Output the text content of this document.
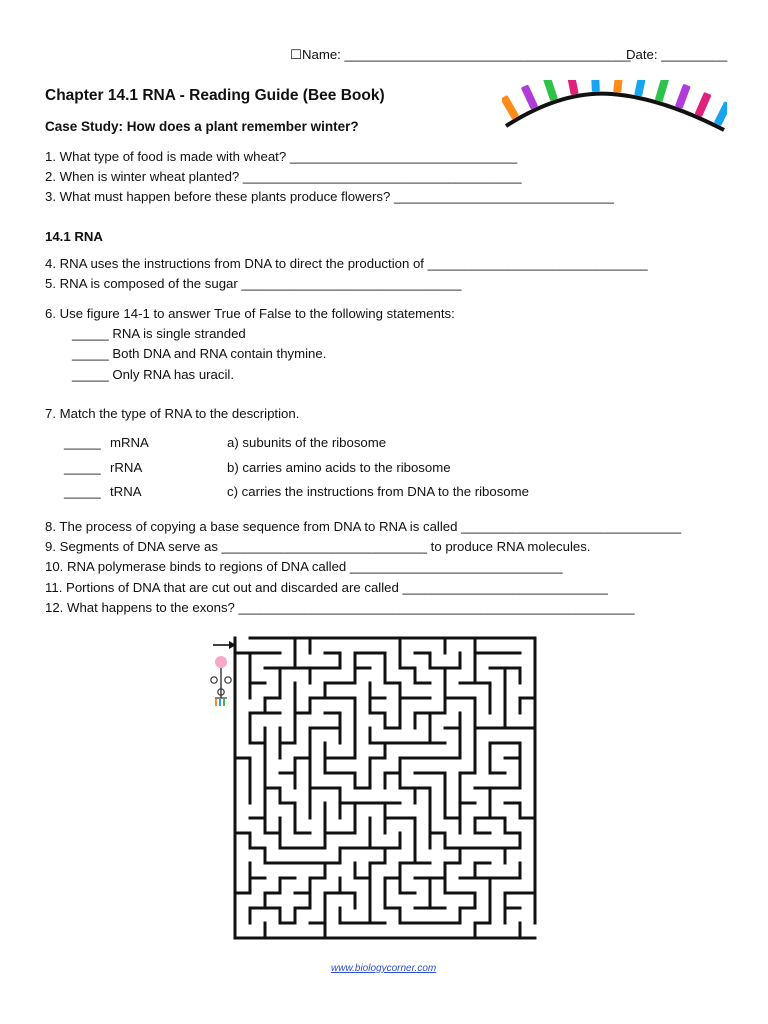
☐ Name: _______________________________________
Date: _________
Chapter 14.1 RNA - Reading Guide (Bee Book)
Case Study: How does a plant remember winter?
1. What type of food is made with wheat? _______________________________
2. When is winter wheat planted? ______________________________________
3. What must happen before these plants produce flowers? ______________________________
14.1 RNA
4. RNA uses the instructions from DNA to direct the production of ______________________________
5. RNA is composed of the sugar ______________________________
6. Use figure 14-1 to answer True of False to the following statements:
_____ RNA is single stranded
_____ Both DNA and RNA contain thymine.
_____ Only RNA has uracil.
7. Match the type of RNA to the description.
_____ mRNA	a) subunits of the ribosome
_____ rRNA	b) carries amino acids to the ribosome
_____ tRNA	c) carries the instructions from DNA to the ribosome
8. The process of copying a base sequence from DNA to RNA is called ______________________________
9. Segments of DNA serve as ____________________________ to produce RNA molecules.
10. RNA polymerase binds to regions of DNA called _____________________________
11. Portions of DNA that are cut out and discarded are called ____________________________
12. What happens to the exons? ______________________________________________________
www.biologycorner.com
